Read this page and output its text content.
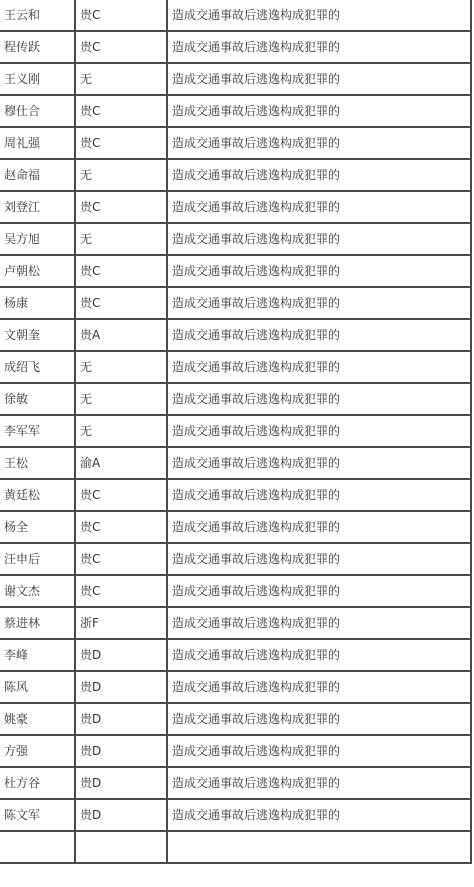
王云和	贵C	造成交通事故后逃逸构成犯罪的
程传跃	贵C	造成交通事故后逃逸构成犯罪的
王义刚	无	造成交通事故后逃逸构成犯罪的
穆仕合	贵C	造成交通事故后逃逸构成犯罪的
周礼强	贵C	造成交通事故后逃逸构成犯罪的
赵命福	无	造成交通事故后逃逸构成犯罪的
刘登江	贵C	造成交通事故后逃逸构成犯罪的
吴方旭	无	造成交通事故后逃逸构成犯罪的
卢朝松	贵C	造成交通事故后逃逸构成犯罪的
杨康	贵C	造成交通事故后逃逸构成犯罪的
文朝奎	贵A	造成交通事故后逃逸构成犯罪的
成绍飞	无	造成交通事故后逃逸构成犯罪的
徐敏	无	造成交通事故后逃逸构成犯罪的
李军军	无	造成交通事故后逃逸构成犯罪的
王松	渝A	造成交通事故后逃逸构成犯罪的
黄廷松	贵C	造成交通事故后逃逸构成犯罪的
杨全	贵C	造成交通事故后逃逸构成犯罪的
汪申后	贵C	造成交通事故后逃逸构成犯罪的
谢文杰	贵C	造成交通事故后逃逸构成犯罪的
蔡进林	浙F	造成交通事故后逃逸构成犯罪的
李峰	贵D	造成交通事故后逃逸构成犯罪的
陈风	贵D	造成交通事故后逃逸构成犯罪的
姚豪	贵D	造成交通事故后逃逸构成犯罪的
方强	贵D	造成交通事故后逃逸构成犯罪的
杜方谷	贵D	造成交通事故后逃逸构成犯罪的
陈文军	贵D	造成交通事故后逃逸构成犯罪的
